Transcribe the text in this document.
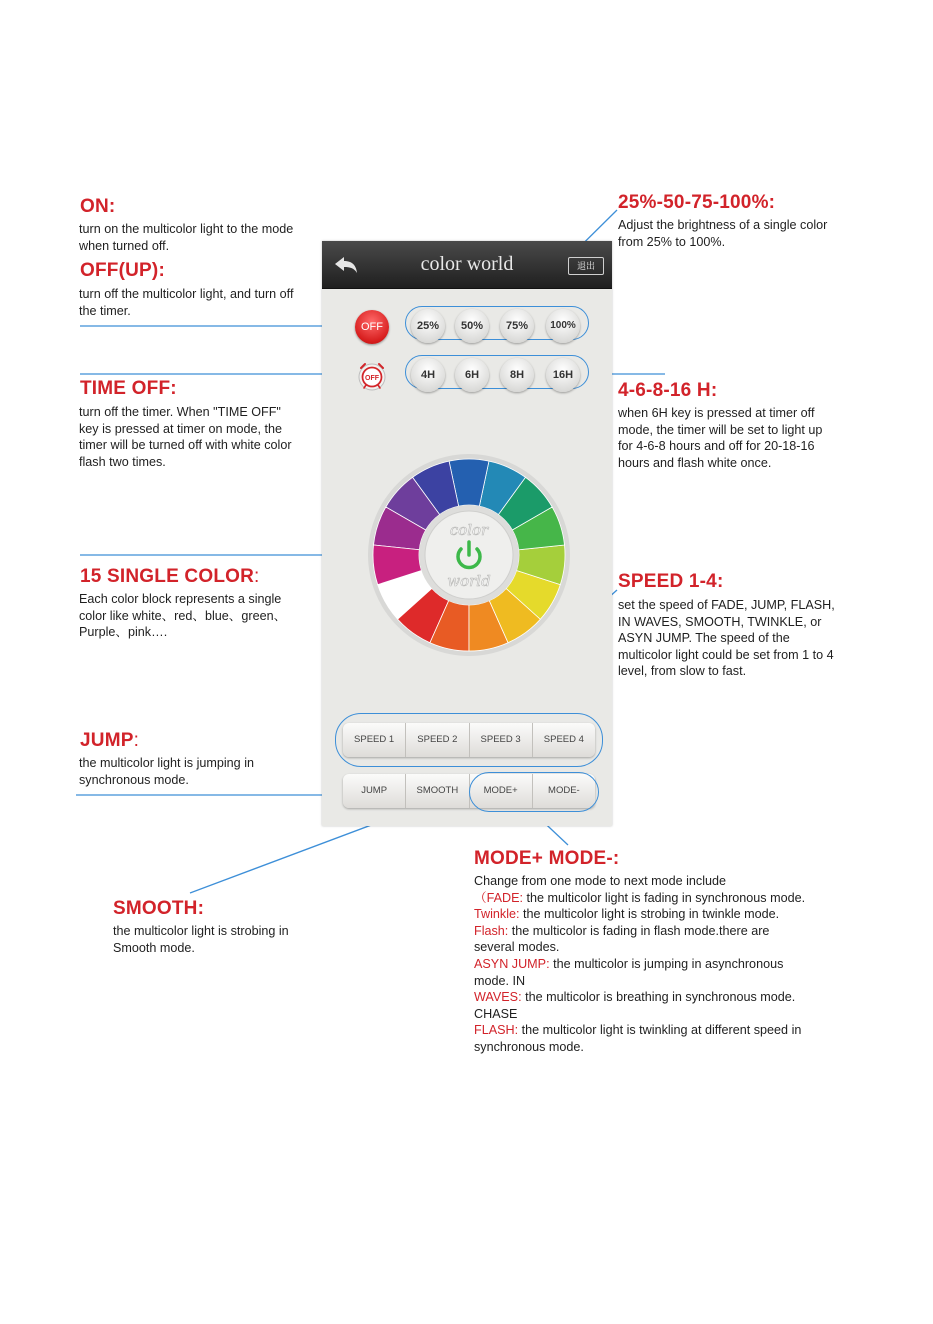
ON:
turn on the multicolor light to the mode
when turned off.
OFF(UP):
turn off the multicolor light, and turn off
the timer.
TIME OFF:
turn off the timer. When "TIME OFF"
key is pressed at timer on mode, the
timer will be turned off with white color
flash two times.
15 SINGLE COLOR:
Each color block represents a single
color like white、red、blue、green、
Purple、pink….
JUMP:
the multicolor light is jumping in
synchronous mode.
SMOOTH:
the multicolor light is strobing in
Smooth mode.
25%-50-75-100%:
Adjust the brightness of a single color
from 25% to 100%.
4-6-8-16 H:
when 6H key is pressed at timer off
mode, the timer will be set to light up
for 4-6-8 hours and off for 20-18-16
hours and flash white once.
SPEED 1-4:
set the speed of FADE, JUMP, FLASH,
IN WAVES, SMOOTH, TWINKLE, or
ASYN JUMP. The speed of the
multicolor light could be set from 1 to 4
level, from slow to fast.
MODE+ MODE-:
Change from one mode to next mode include
（FADE: the multicolor light is fading in synchronous mode.
Twinkle: the multicolor light is strobing in twinkle mode.
Flash: the multicolor is fading in flash mode.there are
several modes.
ASYN JUMP: the multicolor is jumping in asynchronous
mode. IN
WAVES: the multicolor is breathing in synchronous mode.
CHASE
FLASH: the multicolor light is twinkling at different speed in
synchronous mode.
color world	退出
OFF	25%	50%	75%	100%
OFF	4H	6H	8H	16H
color
world
SPEED 1	SPEED 2	SPEED 3	SPEED 4
JUMP	SMOOTH	MODE+	MODE-
